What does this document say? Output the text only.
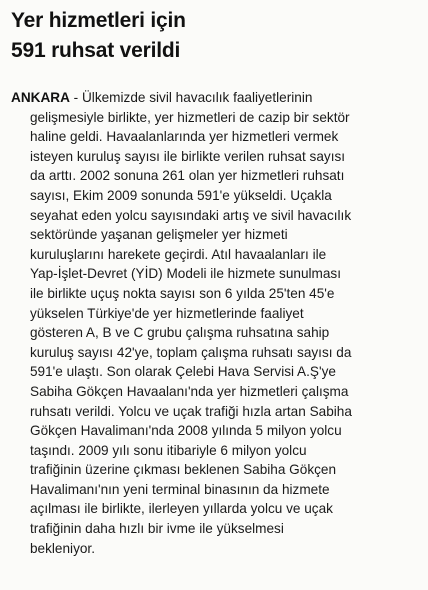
Yer hizmetleri için
591 ruhsat verildi
ANKARA - Ülkemizde sivil havacılık faaliyetlerinin
gelişmesiyle birlikte, yer hizmetleri de cazip bir sektör
haline geldi. Havaalanlarında yer hizmetleri vermek
isteyen kuruluş sayısı ile birlikte verilen ruhsat sayısı
da arttı. 2002 sonuna 261 olan yer hizmetleri ruhsatı
sayısı, Ekim 2009 sonunda 591'e yükseldi. Uçakla
seyahat eden yolcu sayısındaki artış ve sivil havacılık
sektöründe yaşanan gelişmeler yer hizmeti
kuruluşlarını harekete geçirdi. Atıl havaalanları ile
Yap-İşlet-Devret (YİD) Modeli ile hizmete sunulması
ile birlikte uçuş nokta sayısı son 6 yılda 25'ten 45'e
yükselen Türkiye'de yer hizmetlerinde faaliyet
gösteren A, B ve C grubu çalışma ruhsatına sahip
kuruluş sayısı 42'ye, toplam çalışma ruhsatı sayısı da
591'e ulaştı. Son olarak Çelebi Hava Servisi A.Ş'ye
Sabiha Gökçen Havaalanı'nda yer hizmetleri çalışma
ruhsatı verildi. Yolcu ve uçak trafiği hızla artan Sabiha
Gökçen Havalimanı'nda 2008 yılında 5 milyon yolcu
taşındı. 2009 yılı sonu itibariyle 6 milyon yolcu
trafiğinin üzerine çıkması beklenen Sabiha Gökçen
Havalimanı'nın yeni terminal binasının da hizmete
açılması ile birlikte, ilerleyen yıllarda yolcu ve uçak
trafiğinin daha hızlı bir ivme ile yükselmesi
bekleniyor.
